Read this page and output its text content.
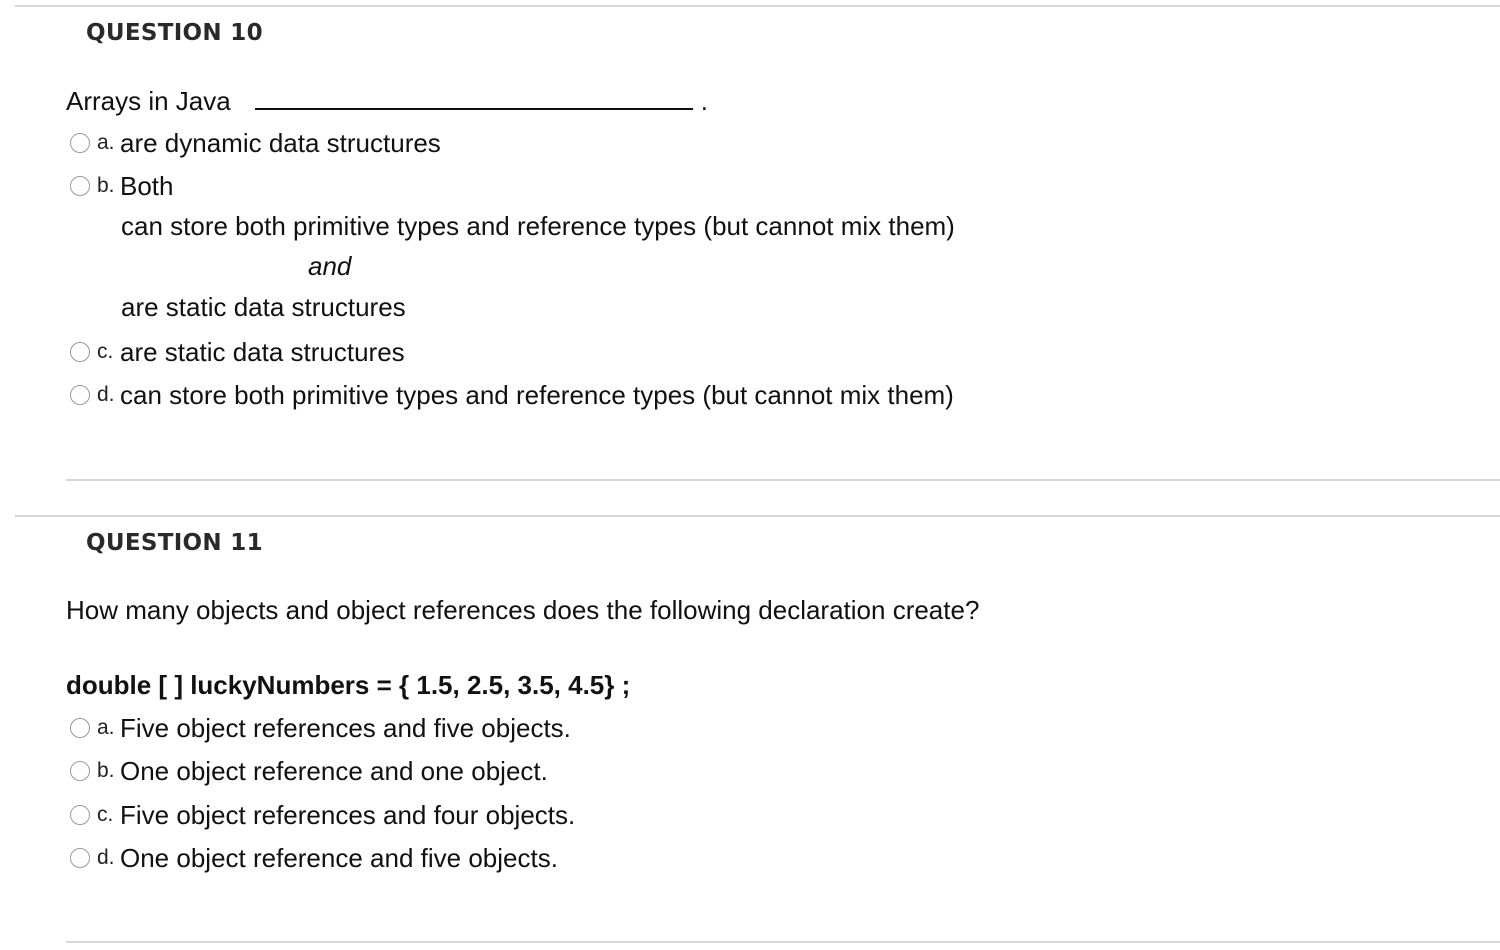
QUESTION 10
Arrays in Java	.
a. are dynamic data structures
b. Both
can store both primitive types and reference types (but cannot mix them)
and
are static data structures
c. are static data structures
d. can store both primitive types and reference types (but cannot mix them)
QUESTION 11
How many objects and object references does the following declaration create?
double [ ] luckyNumbers = { 1.5, 2.5, 3.5, 4.5} ;
a. Five object references and five objects.
b. One object reference and one object.
c. Five object references and four objects.
d. One object reference and five objects.
